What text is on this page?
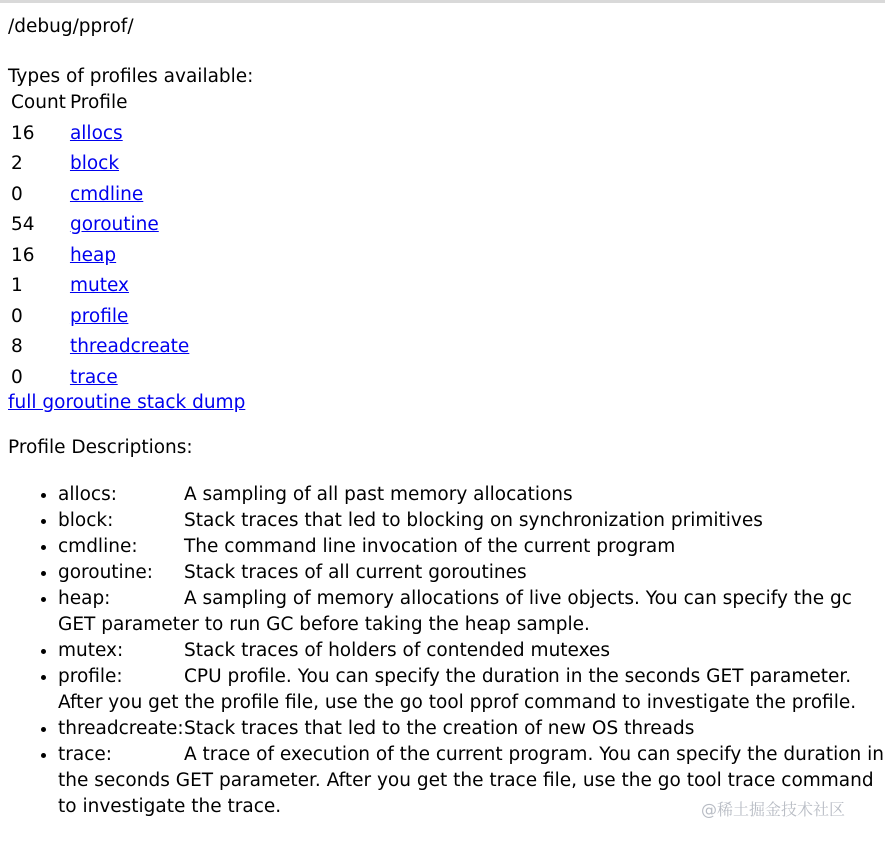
/debug/pprof/
Types of profiles available:
Count	Profile
16	allocs
2	block
0	cmdline
54	goroutine
16	heap
1	mutex
0	profile
8	threadcreate
0	trace
full goroutine stack dump
Profile Descriptions:
• allocs:	A sampling of all past memory allocations
• block:	Stack traces that led to blocking on synchronization primitives
• cmdline:	The command line invocation of the current program
• goroutine: Stack traces of all current goroutines
• heap:	A sampling of memory allocations of live objects. You can specify the gc GET parameter to run GC before taking the heap sample.
• mutex:	Stack traces of holders of contended mutexes
• profile:	CPU profile. You can specify the duration in the seconds GET parameter. After you get the profile file, use the go tool pprof command to investigate the profile.
• threadcreate:Stack traces that led to the creation of new OS threads
• trace:	A trace of execution of the current program. You can specify the duration in the seconds GET parameter. After you get the trace file, use the go tool trace command to investigate the trace.	@稀土掘金技术社区
